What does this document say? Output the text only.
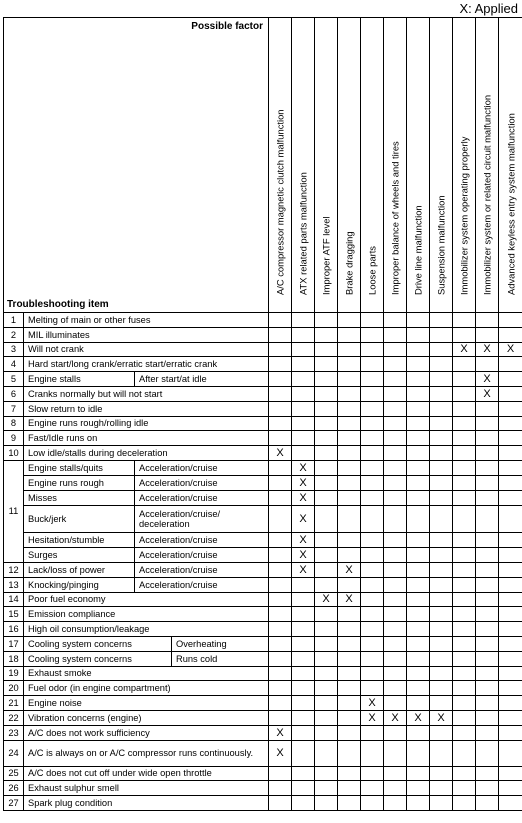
X: Applied
Possible factor
Troubleshooting item				A/C compressor magnetic clutch malfunction	ATX related parts malfunction	Improper ATF level	Brake dragging	Loose parts	Improper balance of wheels and tires	Drive line malfunction	Suspension malfunction	Immobilizer system operating properly	Immobilizer system or related circuit malfunction	Advanced keyless entry system malfunction

1	Melting of main or other fuses													
2	MIL illuminates													
3	Will not crank											X	X	X
4	Hard start/long crank/erratic start/erratic crank													
5	Engine stalls	After start/at idle											X	
6	Cranks normally but will not start												X	
7	Slow return to idle													
8	Engine runs rough/rolling idle													
9	Fast/Idle runs on													
10	Low idle/stalls during deceleration			X										
11	Engine stalls/quits	Acceleration/cruise			X									
	Engine runs rough	Acceleration/cruise			X									
	Misses	Acceleration/cruise			X									
	Buck/jerk	Acceleration/cruise/ deceleration			X									
	Hesitation/stumble	Acceleration/cruise			X									
	Surges	Acceleration/cruise			X									
12	Lack/loss of power	Acceleration/cruise			X		X							
13	Knocking/pinging	Acceleration/cruise												
14	Poor fuel economy					X	X							
15	Emission compliance													
16	High oil consumption/leakage													
17	Cooling system concerns		Overheating											
18	Cooling system concerns		Runs cold											
19	Exhaust smoke													
20	Fuel odor (in engine compartment)													
21	Engine noise							X						
22	Vibration concerns (engine)							X	X	X	X			
23	A/C does not work sufficiency			X										
24	A/C is always on or A/C compressor runs continuously.			X										
25	A/C does not cut off under wide open throttle													
26	Exhaust sulphur smell													
27	Spark plug condition													
